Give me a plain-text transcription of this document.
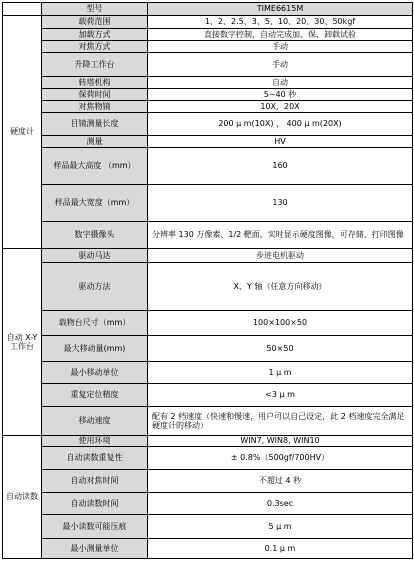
	型号	TIME6615M
硬度计	载荷范围	1、2、2.5、3、5、10、20、30、50kgf
	加载方式	直接数字控制，自动完成加、保、卸载试验
	对焦方式	手动
	升降工作台	手动
	转塔机构	自动
	保荷时间	5~40 秒
	对焦物镜	10X，20X
	目镜测量长度	200 μ m(10X) ， 400 μ m(20X)
	测量	HV
	样品最大高度 （mm）	160
	样品最大宽度（mm）	130
	数字摄像头	分辨率 130 万像素、1/2 靶面，实时显示硬度图像，可存储、打印图像
自动 X-Y 工作台	驱动马达	步进电机驱动
	驱动方法	X、Y 轴（任意方向移动）
	载物台尺寸（mm）	100×100×50
	最大移动量(mm)	50×50
	最小移动单位	1 μ m
	重复定位精度	<3 μ m
	移动速度	配有 2 档速度（快速和慢速，用户可以自己设定，此 2 档速度完全满足硬度计的移动）
自动读数	使用环境	WIN7, WIN8, WIN10
	自动读数重复性	± 0.8%（500gf/700HV）
	自动对焦时间	不超过 4 秒
	自动读数时间	0.3sec
	最小读数可能压痕	5 μ m
	最小测量单位	0.1 μ m
